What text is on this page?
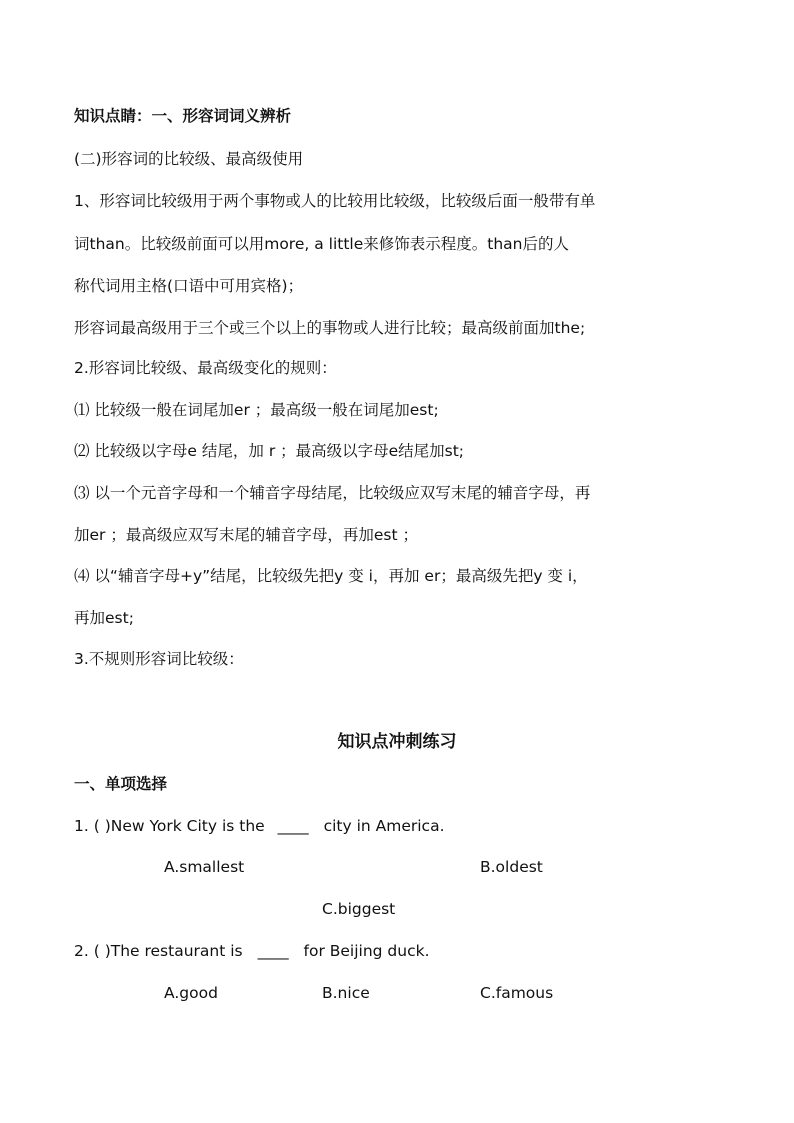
知识点睛：一、形容词词义辨析
(二)形容词的比较级、最高级使用
1、形容词比较级用于两个事物或人的比较用比较级，比较级后面一般带有单
词than。比较级前面可以用more, a little来修饰表示程度。than后的人
称代词用主格(口语中可用宾格)；
形容词最高级用于三个或三个以上的事物或人进行比较；最高级前面加the;
2.形容词比较级、最高级变化的规则：
⑴ 比较级一般在词尾加er ；最高级一般在词尾加est;
⑵ 比较级以字母e 结尾，加 r ；最高级以字母e结尾加st;
⑶ 以一个元音字母和一个辅音字母结尾，比较级应双写末尾的辅音字母，再
加er ；最高级应双写末尾的辅音字母，再加est ；
⑷ 以“辅音字母+y”结尾，比较级先把y 变 i，再加 er；最高级先把y 变 i，
再加est;
3.不规则形容词比较级：
知识点冲刺练习
一、单项选择
1. ( )New York City is the ____ city in America.
A.smallest	B.oldest
C.biggest
2. ( )The restaurant is ____ for Beijing duck.
A.good	B.nice	C.famous
